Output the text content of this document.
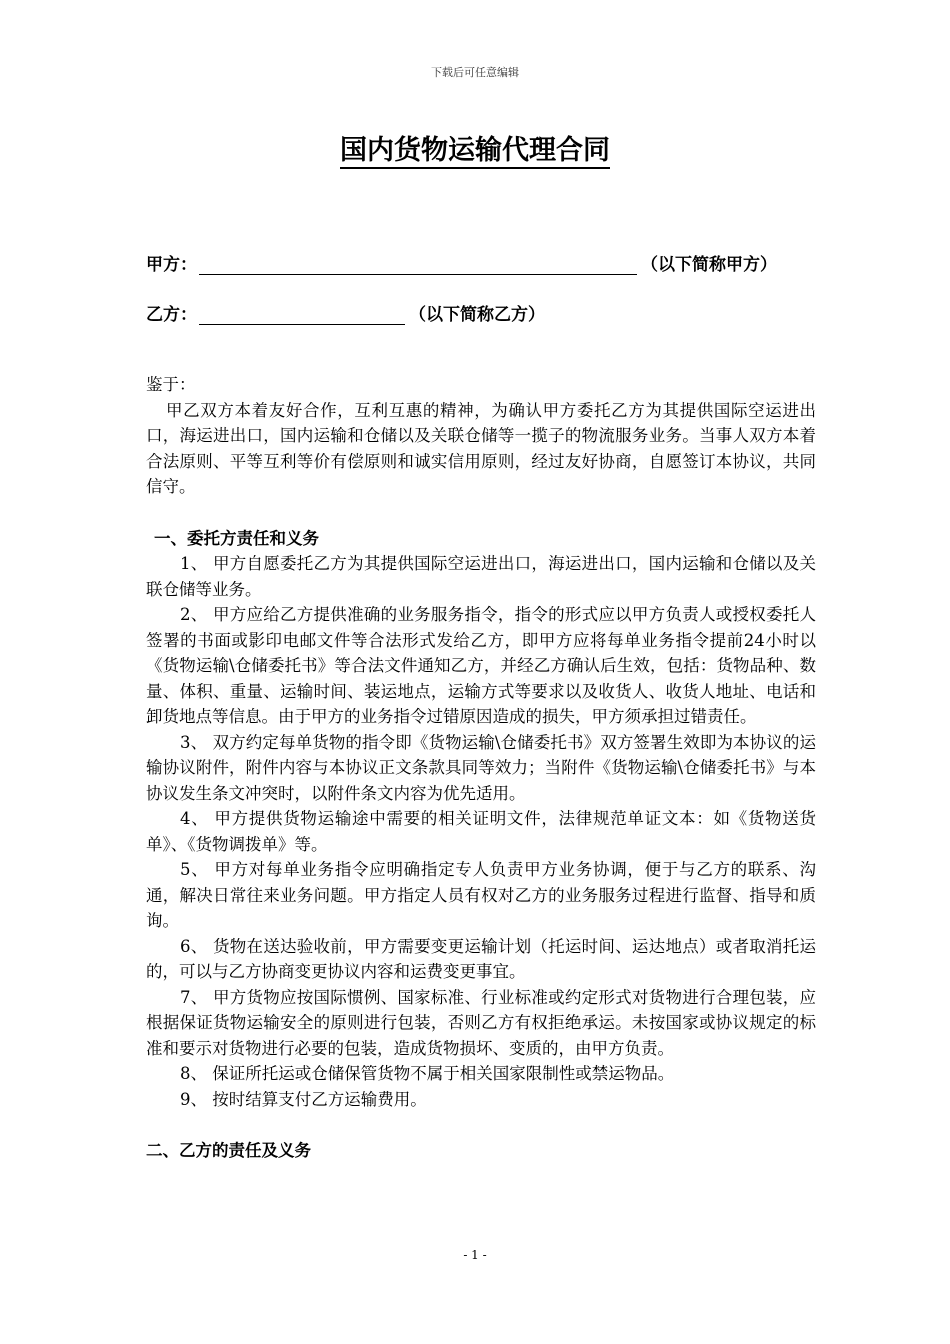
下载后可任意编辑
国内货物运输代理合同
甲方：	（以下简称甲方）
乙方：	（以下简称乙方）

鉴于：

甲乙双方本着友好合作，互利互惠的精神，为确认甲方委托乙方为其提供国际空运进出口，海运进出口，国内运输和仓储以及关联仓储等一揽子的物流服务业务。当事人双方本着合法原则、平等互利等价有偿原则和诚实信用原则，经过友好协商，自愿签订本协议，共同信守。

一、委托方责任和义务

1、 甲方自愿委托乙方为其提供国际空运进出口，海运进出口，国内运输和仓储以及关联仓储等业务。

2、 甲方应给乙方提供准确的业务服务指令，指令的形式应以甲方负责人或授权委托人签署的书面或影印电邮文件等合法形式发给乙方，即甲方应将每单业务指令提前24小时以《货物运输\仓储委托书》等合法文件通知乙方，并经乙方确认后生效，包括：货物品种、数量、体积、重量、运输时间、装运地点，运输方式等要求以及收货人、收货人地址、电话和卸货地点等信息。由于甲方的业务指令过错原因造成的损失，甲方须承担过错责任。

3、 双方约定每单货物的指令即《货物运输\仓储委托书》双方签署生效即为本协议的运输协议附件，附件内容与本协议正文条款具同等效力；当附件《货物运输\仓储委托书》与本协议发生条文冲突时，以附件条文内容为优先适用。

4、 甲方提供货物运输途中需要的相关证明文件，法律规范单证文本：如《货物送货单》、《货物调拨单》等。

5、 甲方对每单业务指令应明确指定专人负责甲方业务协调，便于与乙方的联系、沟通，解决日常往来业务问题。甲方指定人员有权对乙方的业务服务过程进行监督、指导和质询。

6、 货物在送达验收前，甲方需要变更运输计划（托运时间、运达地点）或者取消托运的，可以与乙方协商变更协议内容和运费变更事宜。

7、 甲方货物应按国际惯例、国家标准、行业标准或约定形式对货物进行合理包装，应根据保证货物运输安全的原则进行包装，否则乙方有权拒绝承运。未按国家或协议规定的标准和要示对货物进行必要的包装，造成货物损坏、变质的，由甲方负责。

8、 保证所托运或仓储保管货物不属于相关国家限制性或禁运物品。

9、 按时结算支付乙方运输费用。

二、乙方的责任及义务

- 1 -
